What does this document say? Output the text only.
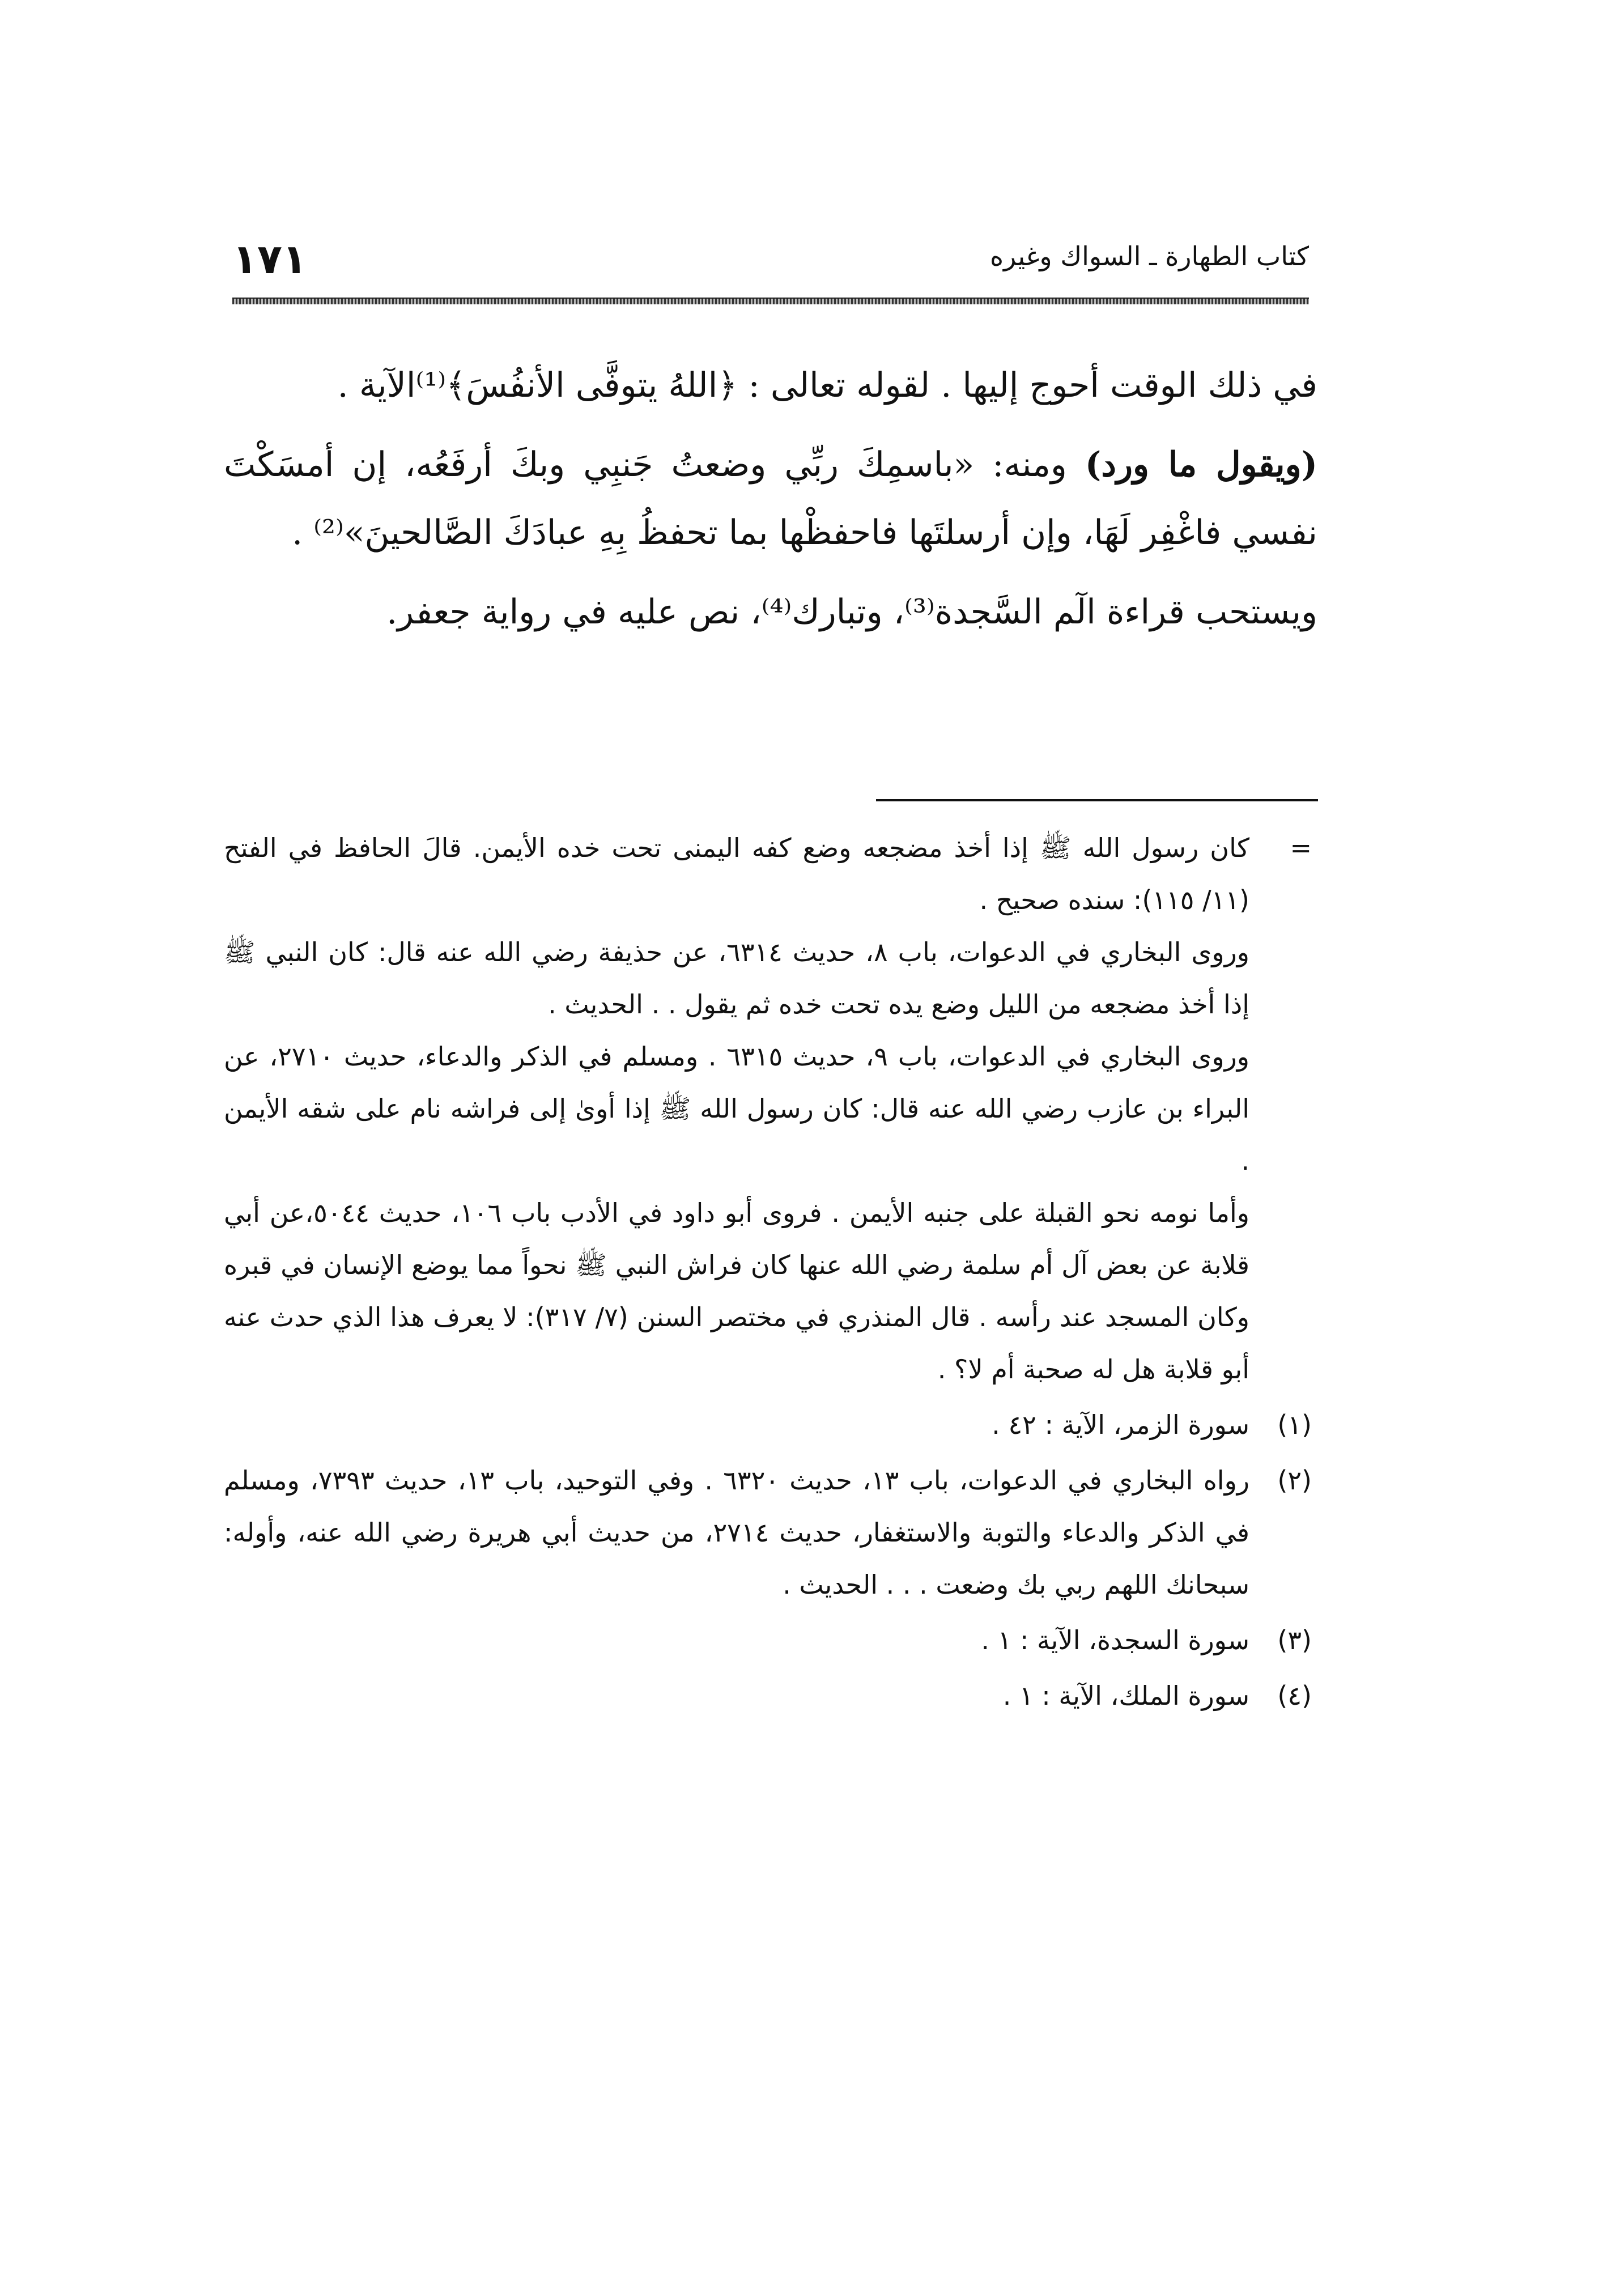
١٧١	كتاب الطهارة ـ السواك وغيره

في ذلك الوقت أحوج إليها . لقوله تعالى : ﴿اللهُ يتوفَّى الأنفُسَ﴾⁽¹⁾الآية .

(ويقول ما ورد) ومنه: «باسمِكَ ربِّي وضعتُ جَنبِي وبكَ أرفَعُه، إن أمسَكْتَ نفسي فاغْفِر لَهَا، وإن أرسلتَها فاحفظْها بما تحفظُ بِهِ عبادَكَ الصَّالحينَ»⁽²⁾ .

ويستحب قراءة الٓم السَّجدة⁽³⁾، وتبارك⁽⁴⁾، نص عليه في رواية جعفر.

=

كان رسول الله ﷺ إذا أخذ مضجعه وضع كفه اليمنى تحت خده الأيمن. قالَ الحافظ في الفتح (١١/ ١١٥): سنده صحيح .

وروى البخاري في الدعوات، باب ٨، حديث ٦٣١٤، عن حذيفة رضي الله عنه قال: كان النبي ﷺ إذا أخذ مضجعه من الليل وضع يده تحت خده ثم يقول . . الحديث .

وروى البخاري في الدعوات، باب ٩، حديث ٦٣١٥ . ومسلم في الذكر والدعاء، حديث ٢٧١٠، عن البراء بن عازب رضي الله عنه قال: كان رسول الله ﷺ إذا أوىٰ إلى فراشه نام على شقه الأيمن .

وأما نومه نحو القبلة على جنبه الأيمن . فروى أبو داود في الأدب باب ١٠٦، حديث ٥٠٤٤،عن أبي قلابة عن بعض آل أم سلمة رضي الله عنها كان فراش النبي ﷺ نحواً مما يوضع الإنسان في قبره وكان المسجد عند رأسه . قال المنذري في مختصر السنن (٧/ ٣١٧): لا يعرف هذا الذي حدث عنه أبو قلابة هل له صحبة أم لا؟ .

(١)
سورة الزمر، الآية : ٤٢ .
(٢)
رواه البخاري في الدعوات، باب ١٣، حديث ٦٣٢٠ . وفي التوحيد، باب ١٣، حديث ٧٣٩٣، ومسلم في الذكر والدعاء والتوبة والاستغفار، حديث ٢٧١٤، من حديث أبي هريرة رضي الله عنه، وأوله: سبحانك اللهم ربي بك وضعت . . . الحديث .
(٣)
سورة السجدة، الآية : ١ .
(٤)
سورة الملك، الآية : ١ .
